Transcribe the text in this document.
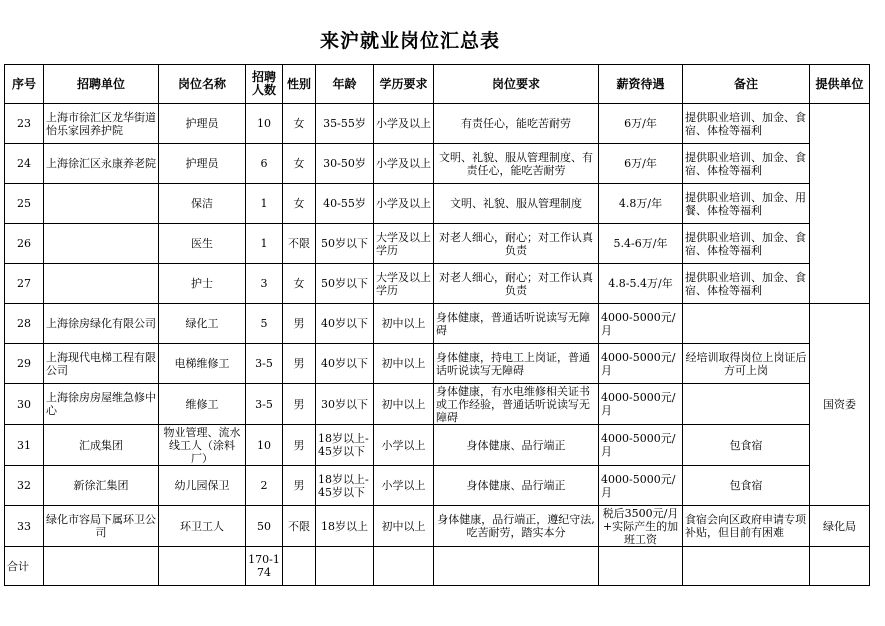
来沪就业岗位汇总表
序号	招聘单位	岗位名称	招聘人数	性别	年龄	学历要求	岗位要求	薪资待遇	备注	提供单位
23	上海市徐汇区龙华街道怡乐家园养护院	护理员	10	女	35-55岁	小学及以上	有责任心，能吃苦耐劳	6万/年	提供职业培训、加金、食宿、体检等福利	
24	上海徐汇区永康养老院	护理员	6	女	30-50岁	小学及以上	文明、礼貌、服从管理制度、有责任心，能吃苦耐劳	6万/年	提供职业培训、加金、食宿、体检等福利	
25		保洁	1	女	40-55岁	小学及以上	文明、礼貌、服从管理制度	4.8万/年	提供职业培训、加金、用餐、体检等福利	
26		医生	1	不限	50岁以下	大学及以上学历	对老人细心，耐心；对工作认真负责	5.4-6万/年	提供职业培训、加金、食宿、体检等福利	
27		护士	3	女	50岁以下	大学及以上学历	对老人细心，耐心；对工作认真负责	4.8-5.4万/年	提供职业培训、加金、食宿、体检等福利	
28	上海徐房绿化有限公司	绿化工	5	男	40岁以下	初中以上	身体健康，普通话听说读写无障碍	4000-5000元/月		国资委
29	上海现代电梯工程有限公司	电梯维修工	3-5	男	40岁以下	初中以上	身体健康，持电工上岗证，普通话听说读写无障碍	4000-5000元/月	经培训取得岗位上岗证后方可上岗	
30	上海徐房房屋维急修中心	维修工	3-5	男	30岁以下	初中以上	身体健康，有水电维修相关证书或工作经验，普通话听说读写无障碍	4000-5000元/月		
31	汇成集团	物业管理、流水线工人（涂料厂）	10	男	18岁以上-45岁以下	小学以上	身体健康、品行端正	4000-5000元/月	包食宿	
32	新徐汇集团	幼儿园保卫	2	男	18岁以上-45岁以下	小学以上	身体健康、品行端正	4000-5000元/月	包食宿	
33	绿化市容局下属环卫公司	环卫工人	50	不限	18岁以上	初中以上	身体健康，品行端正，遵纪守法,吃苦耐劳，踏实本分	税后3500元/月+实际产生的加班工资	食宿会向区政府申请专项补贴，但目前有困难	绿化局
合计			170-174							
